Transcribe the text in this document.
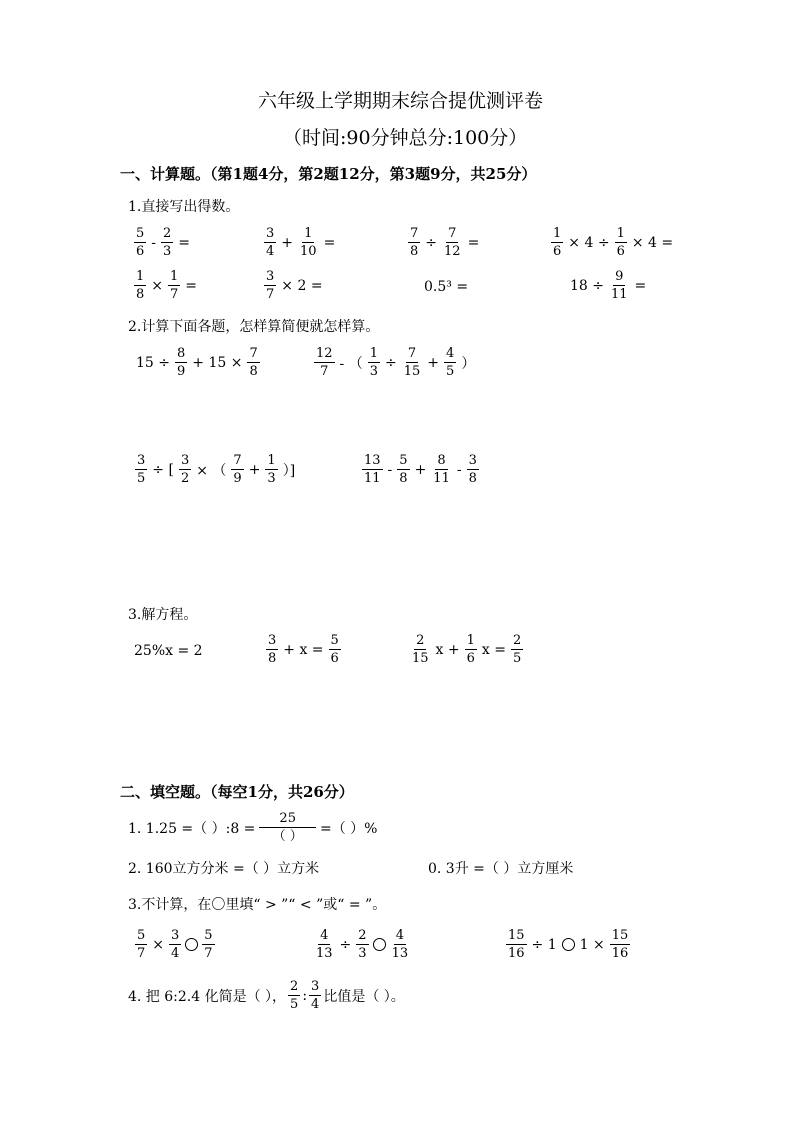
六年级上学期期末综合提优测评卷
（时间:90分钟总分:100分）
一、计算题。（第1题4分，第2题12分，第3题9分，共25分）
1.直接写出得数。
$\frac{5}{6} - \frac{2}{3}$ =	$\frac{3}{4} + \frac{1}{10}$ =	$\frac{7}{8} \div \frac{7}{12}$ =	$\frac{1}{6} \times 4 \div \frac{1}{6} \times 4$ =
$\frac{1}{8} \times \frac{1}{7}$ =	$\frac{3}{7} \times 2$ =	0.5³ =	$18 \div \frac{9}{11}$ =
2.计算下面各题，怎样算简便就怎样算。
$15 \div \frac{8}{9} + 15 \times \frac{7}{8}$	$\frac{12}{7}$ - （ $\frac{1}{3} \div \frac{7}{15} + \frac{4}{5}$ ）
$\frac{3}{5}$ ÷ [ $\frac{3}{2}$ × （ $\frac{7}{9} + \frac{1}{3}$ ）]	$\frac{13}{11} - \frac{5}{8} + \frac{8}{11} - \frac{3}{8}$
3.解方程。
25%x = 2	$\frac{3}{8} + x = \frac{5}{6}$	$\frac{2}{15}$ $x + \frac{1}{6}$ $x = \frac{2}{5}$
二、填空题。（每空1分，共26分）
1. 1.25 =（ ）:8 = $\frac{25}{( )}$ =（ ）%
2. 160立方分米 =（ ）立方米	0. 3升 =（ ）立方厘米
3.不计算，在〇里填“ > ”“ < ”或“ = ”。
$\frac{5}{7} \times \frac{3}{4} \frac{5}{7}$	$\frac{4}{13} \div \frac{2}{3} \frac{4}{13}$	$\frac{15}{16} \div 1$ $1 \times \frac{15}{16}$
4. 把 6:2.4 化简是（ ）， $\frac{2}{5}$ : $\frac{3}{4}$ 比值是（ ）。
